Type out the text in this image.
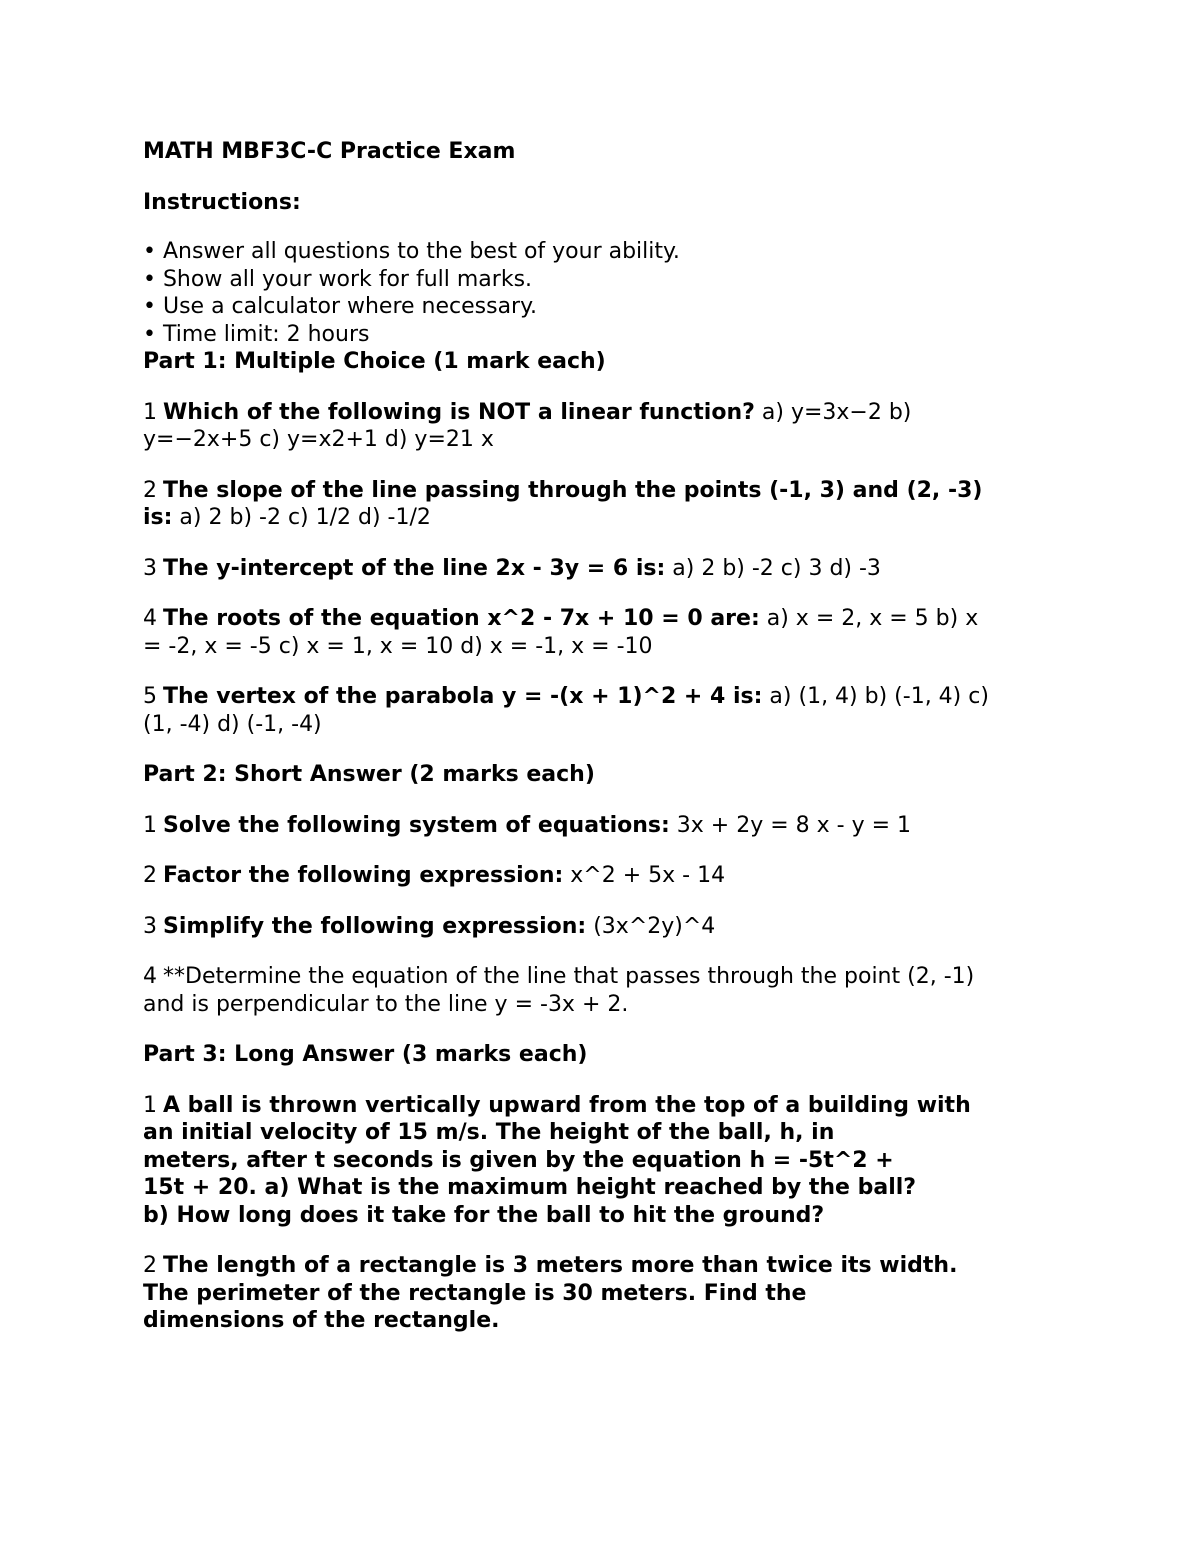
MATH MBF3C-C Practice Exam
Instructions:
• Answer all questions to the best of your ability.
• Show all your work for full marks.
• Use a calculator where necessary.
• Time limit: 2 hours
Part 1: Multiple Choice (1 mark each)
1 Which of the following is NOT a linear function? a) y=3x−2 b)
y=−2x+5 c) y=x2+1 d) y=21 x
2 The slope of the line passing through the points (-1, 3) and (2, -3)
is: a) 2 b) -2 c) 1/2 d) -1/2
3 The y-intercept of the line 2x - 3y = 6 is: a) 2 b) -2 c) 3 d) -3
4 The roots of the equation x^2 - 7x + 10 = 0 are: a) x = 2, x = 5 b) x
= -2, x = -5 c) x = 1, x = 10 d) x = -1, x = -10
5 The vertex of the parabola y = -(x + 1)^2 + 4 is: a) (1, 4) b) (-1, 4) c)
(1, -4) d) (-1, -4)
Part 2: Short Answer (2 marks each)
1 Solve the following system of equations: 3x + 2y = 8 x - y = 1
2 Factor the following expression: x^2 + 5x - 14
3 Simplify the following expression: (3x^2y)^4
4 **Determine the equation of the line that passes through the point (2, -1)
and is perpendicular to the line y = -3x + 2.
Part 3: Long Answer (3 marks each)
1 A ball is thrown vertically upward from the top of a building with
an initial velocity of 15 m/s. The height of the ball, h, in
meters, after t seconds is given by the equation h = -5t^2 +
15t + 20. a) What is the maximum height reached by the ball?
b) How long does it take for the ball to hit the ground?
2 The length of a rectangle is 3 meters more than twice its width.
The perimeter of the rectangle is 30 meters. Find the
dimensions of the rectangle.
